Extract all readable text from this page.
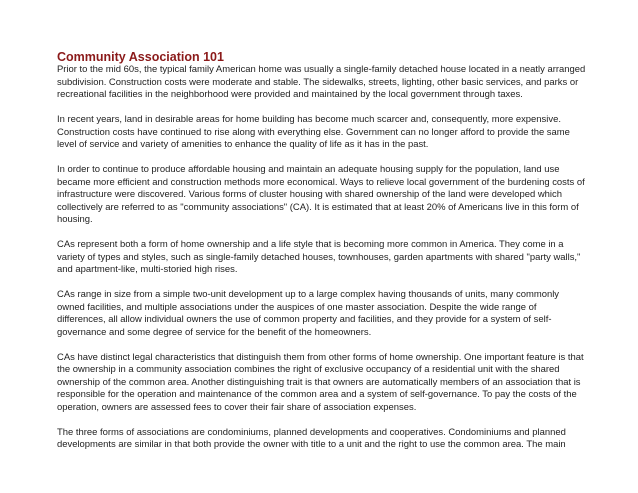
Community Association 101

Prior to the mid 60s, the typical family American home was usually a single-family detached house located in a neatly arranged subdivision. Construction costs were moderate and stable. The sidewalks, streets, lighting, other basic services, and parks or recreational facilities in the neighborhood were provided and maintained by the local government through taxes.

In recent years, land in desirable areas for home building has become much scarcer and, consequently, more expensive. Construction costs have continued to rise along with everything else. Government can no longer afford to provide the same level of service and variety of amenities to enhance the quality of life as it has in the past.

In order to continue to produce affordable housing and maintain an adequate housing supply for the population, land use became more efficient and construction methods more economical. Ways to relieve local government of the burdening costs of infrastructure were discovered. Various forms of cluster housing with shared ownership of the land were developed which collectively are referred to as "community associations" (CA). It is estimated that at least 20% of Americans live in this form of housing.

CAs represent both a form of home ownership and a life style that is becoming more common in America. They come in a variety of types and styles, such as single-family detached houses, townhouses, garden apartments with shared "party walls," and apartment-like, multi-storied high rises.

CAs range in size from a simple two-unit development up to a large complex having thousands of units, many commonly owned facilities, and multiple associations under the auspices of one master association. Despite the wide range of differences, all allow individual owners the use of common property and facilities, and they provide for a system of self-governance and some degree of service for the benefit of the homeowners.

CAs have distinct legal characteristics that distinguish them from other forms of home ownership. One important feature is that the ownership in a community association combines the right of exclusive occupancy of a residential unit with the shared ownership of the common area. Another distinguishing trait is that owners are automatically members of an association that is responsible for the operation and maintenance of the common area and a system of self-governance. To pay the costs of the operation, owners are assessed fees to cover their fair share of association expenses.

The three forms of associations are condominiums, planned developments and cooperatives. Condominiums and planned developments are similar in that both provide the owner with title to a unit and the right to use the common area. The main
